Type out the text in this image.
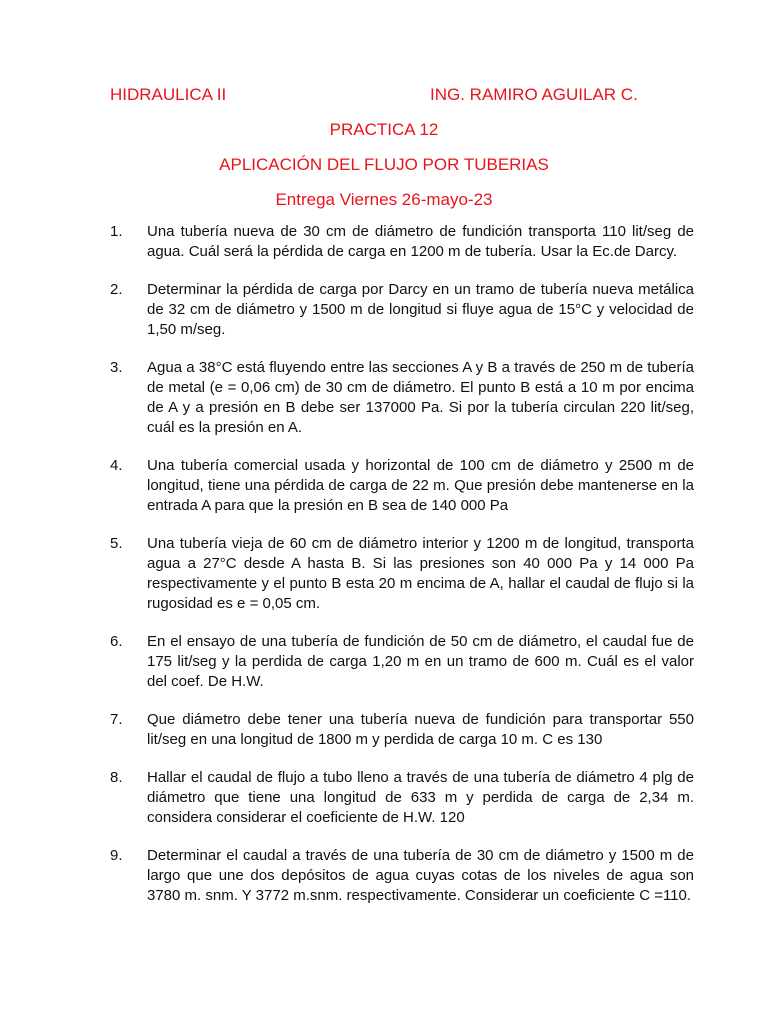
HIDRAULICA II	ING. RAMIRO AGUILAR C.
PRACTICA 12
APLICACIÓN DEL FLUJO POR TUBERIAS
Entrega Viernes 26-mayo-23
1.	Una tubería nueva de 30 cm de diámetro de fundición transporta 110 lit/seg de agua. Cuál será la pérdida de carga en 1200 m de tubería. Usar la Ec.de Darcy.
2.	Determinar la pérdida de carga por Darcy en un tramo de tubería nueva metálica de 32 cm de diámetro y 1500 m de longitud si fluye agua de 15°C y velocidad de 1,50 m/seg.
3.	Agua a 38°C está fluyendo entre las secciones A y B a través de 250 m de tubería de metal (e = 0,06 cm) de 30 cm de diámetro. El punto B está a 10 m por encima de A y a presión en B debe ser 137000 Pa. Si por la tubería circulan 220 lit/seg, cuál es la presión en A.
4.	Una tubería comercial usada y horizontal de 100 cm de diámetro y 2500 m de longitud, tiene una pérdida de carga de 22 m. Que presión debe mantenerse en la entrada A para que la presión en B sea de 140 000 Pa
5.	Una tubería vieja de 60 cm de diámetro interior y 1200 m de longitud, transporta agua a 27°C desde A hasta B. Si las presiones son 40 000 Pa y 14 000 Pa respectivamente y el punto B esta 20 m encima de A, hallar el caudal de flujo si la rugosidad es e = 0,05 cm.
6.	En el ensayo de una tubería de fundición de 50 cm de diámetro, el caudal fue de 175 lit/seg y la perdida de carga 1,20 m en un tramo de 600 m. Cuál es el valor del coef. De H.W.
7.	Que diámetro debe tener una tubería nueva de fundición para transportar 550 lit/seg en una longitud de 1800 m y perdida de carga 10 m. C es 130
8.	Hallar el caudal de flujo a tubo lleno a través de una tubería de diámetro 4 plg de diámetro que tiene una longitud de 633 m y perdida de carga de 2,34 m. considera considerar el coeficiente de H.W. 120
9.	Determinar el caudal a través de una tubería de 30 cm de diámetro y 1500 m de largo que une dos depósitos de agua cuyas cotas de los niveles de agua son 3780 m. snm. Y 3772 m.snm. respectivamente. Considerar un coeficiente C =110.
